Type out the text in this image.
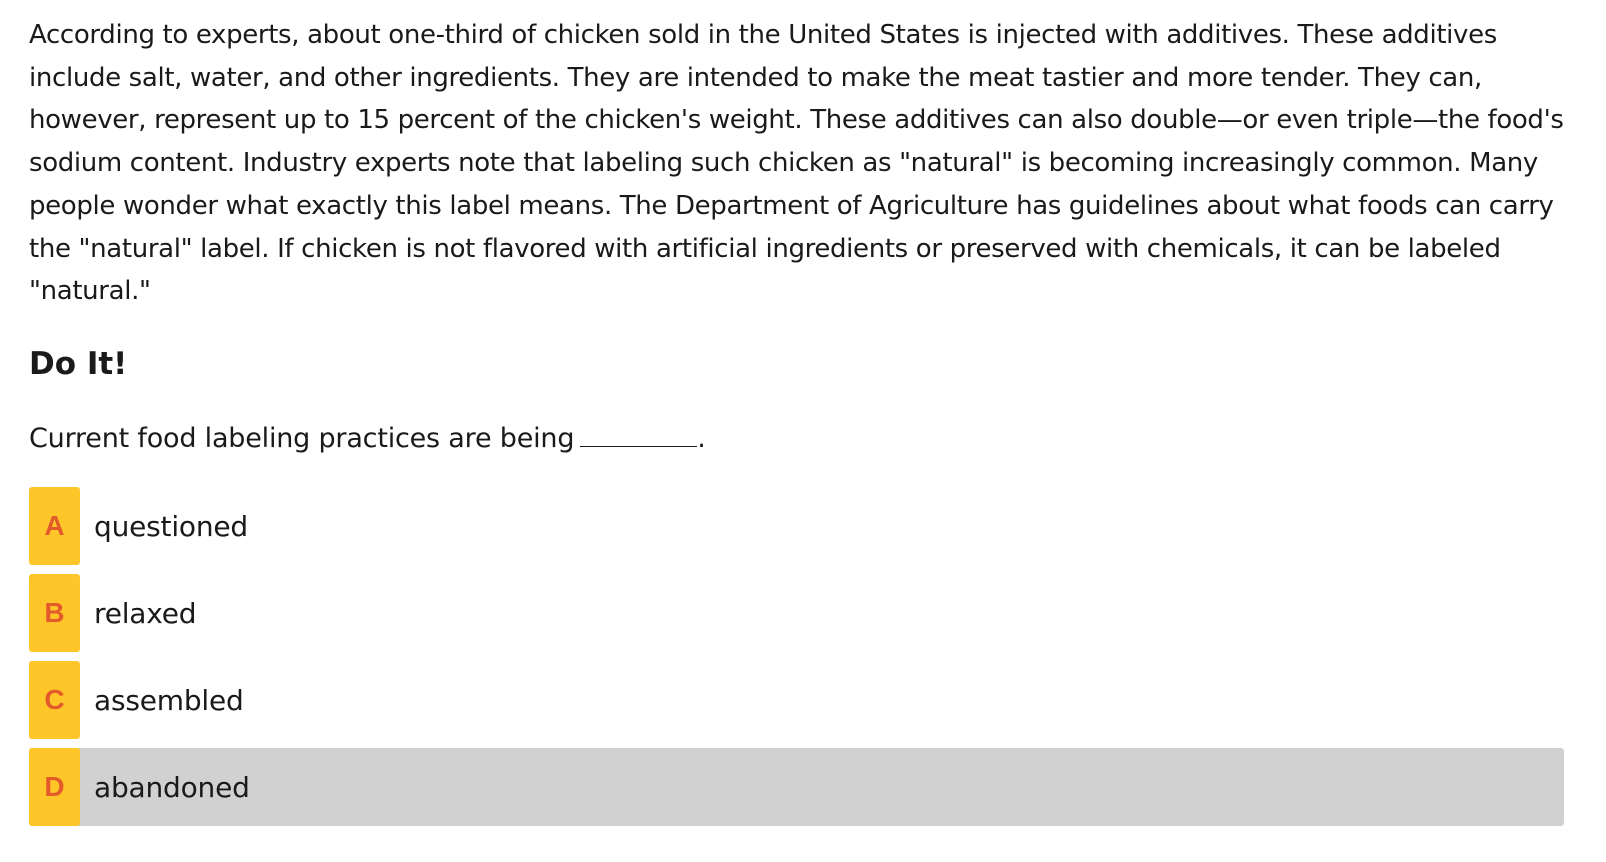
According to experts, about one-third of chicken sold in the United States is injected with additives. These additives include salt, water, and other ingredients. They are intended to make the meat tastier and more tender. They can, however, represent up to 15 percent of the chicken's weight. These additives can also double—or even triple—the food's sodium content. Industry experts note that labeling such chicken as "natural" is becoming increasingly common. Many people wonder what exactly this label means. The Department of Agriculture has guidelines about what foods can carry the "natural" label. If chicken is not flavored with artificial ingredients or preserved with chemicals, it can be labeled "natural."

Do It!
Current food labeling practices are being	.
A	questioned
B	relaxed
C	assembled
D	abandoned
